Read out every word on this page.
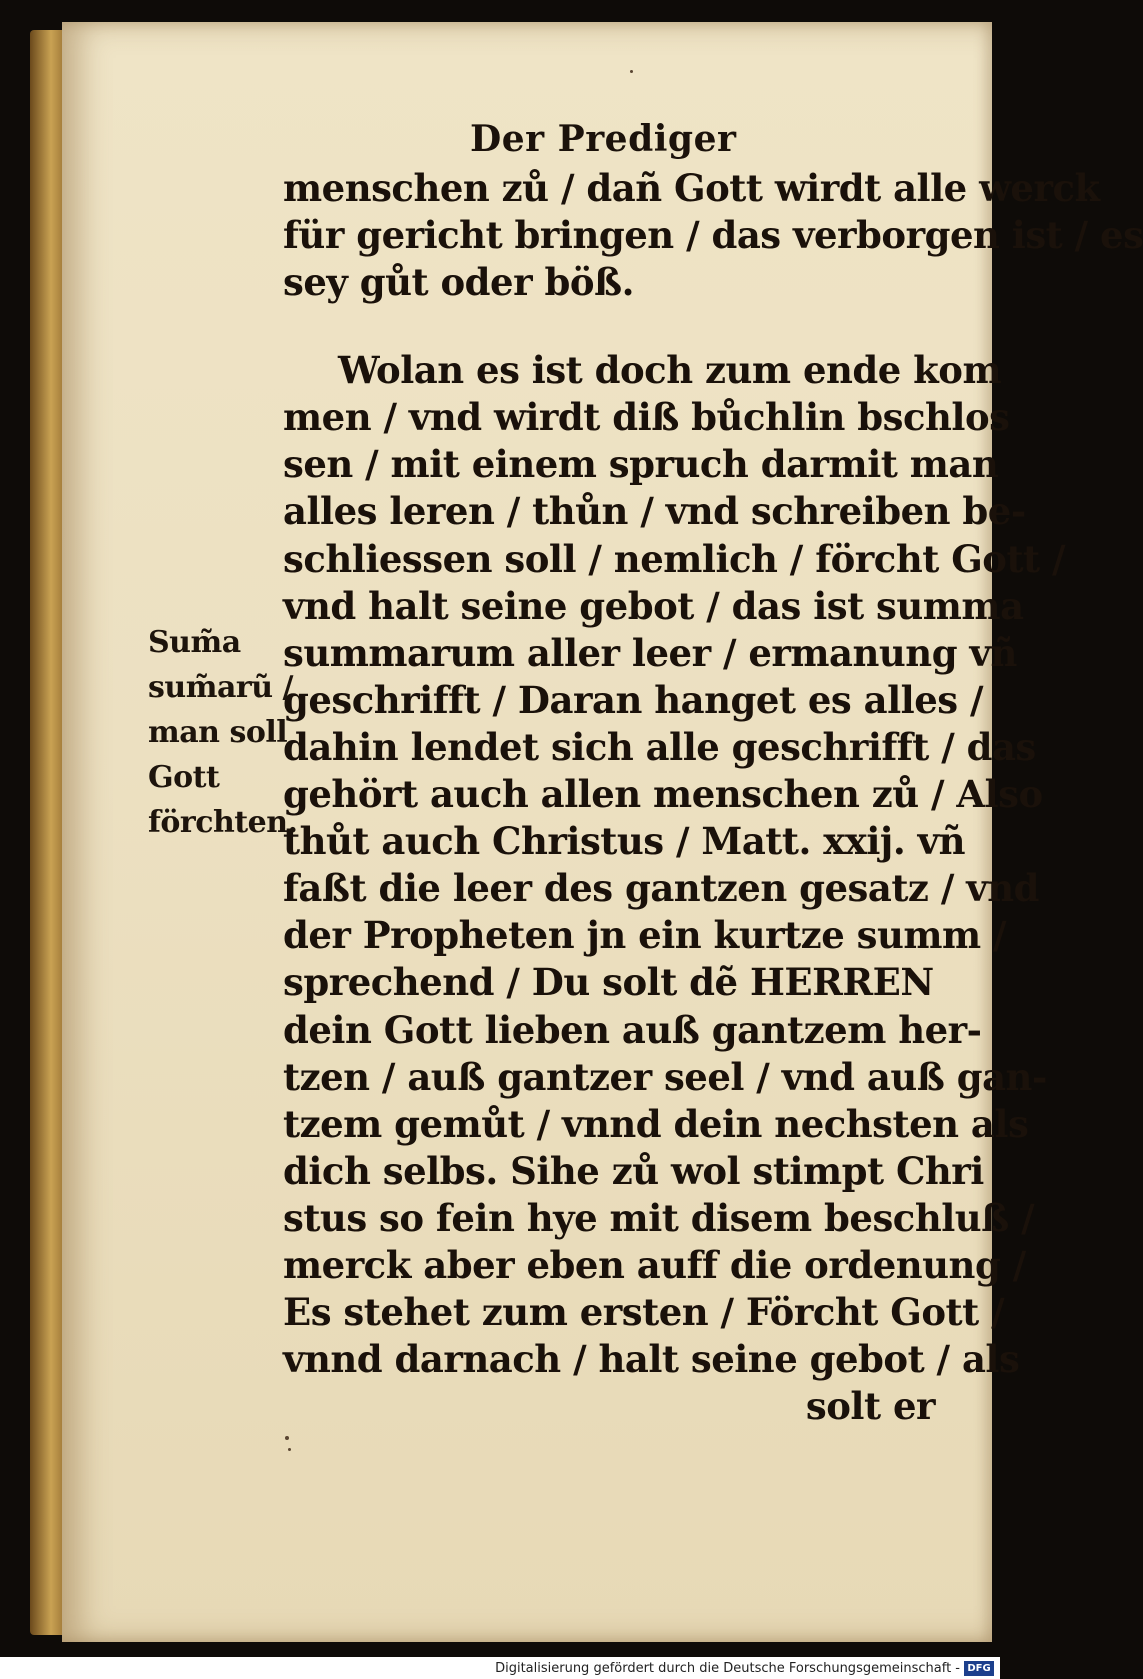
Der Prediger
menschen zů / dañ Gott wirdt alle werck
für gericht bringen / das verborgen ist / es
sey gůt oder böß.
Wolan es ist doch zum ende kom
men / vnd wirdt diß bůchlin bschlos
sen / mit einem spruch darmit man
alles leren / thůn / vnd schreiben be-
schliessen soll / nemlich / förcht Gott /
vnd halt seine gebot / das ist summa
summarum aller leer / ermanung vñ
geschrifft / Daran hanget es alles /
dahin lendet sich alle geschrifft / das
gehört auch allen menschen zů / Also
thůt auch Christus / Matt. xxij. vñ
faßt die leer des gantzen gesatz / vnd
der Propheten jn ein kurtze summ /
sprechend / Du solt dẽ HERREN
dein Gott lieben auß gantzem her-
tzen / auß gantzer seel / vnd auß gan-
tzem gemůt / vnnd dein nechsten als
dich selbs. Sihe zů wol stimpt Chri
stus so fein hye mit disem beschluß /
merck aber eben auff die ordenung /
Es stehet zum ersten / Förcht Gott /
vnnd darnach / halt seine gebot / als
solt er
Sum̃a
sum̃arũ /
man soll
Gott
förchten.
Digitalisierung gefördert durch die Deutsche Forschungsgemeinschaft - DFG
